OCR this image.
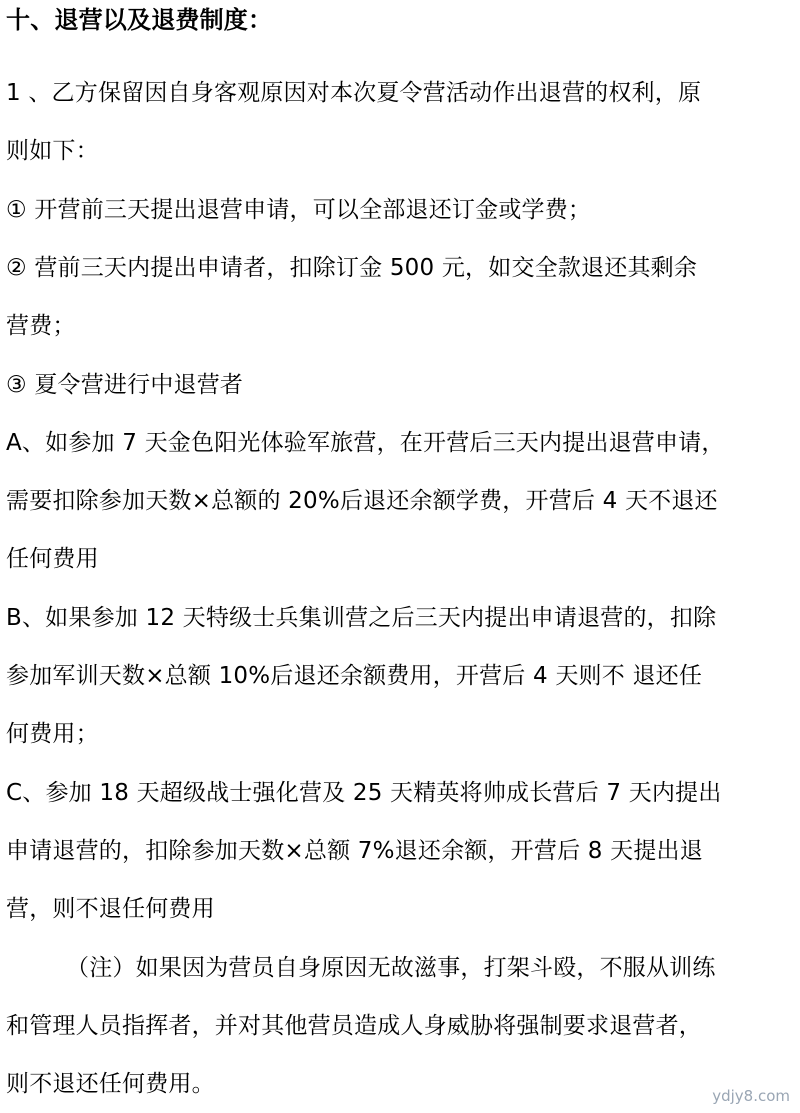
十、退营以及退费制度：
1 、乙方保留因自身客观原因对本次夏令营活动作出退营的权利，原
则如下：
① 开营前三天提出退营申请，可以全部退还订金或学费；
② 营前三天内提出申请者，扣除订金 500 元，如交全款退还其剩余
营费；
③ 夏令营进行中退营者
A、如参加 7 天金色阳光体验军旅营，在开营后三天内提出退营申请，
需要扣除参加天数×总额的 20%后退还余额学费，开营后 4 天不退还
任何费用
B、如果参加 12 天特级士兵集训营之后三天内提出申请退营的，扣除
参加军训天数×总额 10%后退还余额费用，开营后 4 天则不 退还任
何费用；
C、参加 18 天超级战士强化营及 25 天精英将帅成长营后 7 天内提出
申请退营的，扣除参加天数×总额 7%退还余额，开营后 8 天提出退
营，则不退任何费用
（注）如果因为营员自身原因无故滋事，打架斗殴，不服从训练
和管理人员指挥者，并对其他营员造成人身威胁将强制要求退营者，
则不退还任何费用。	ydjy8.com
